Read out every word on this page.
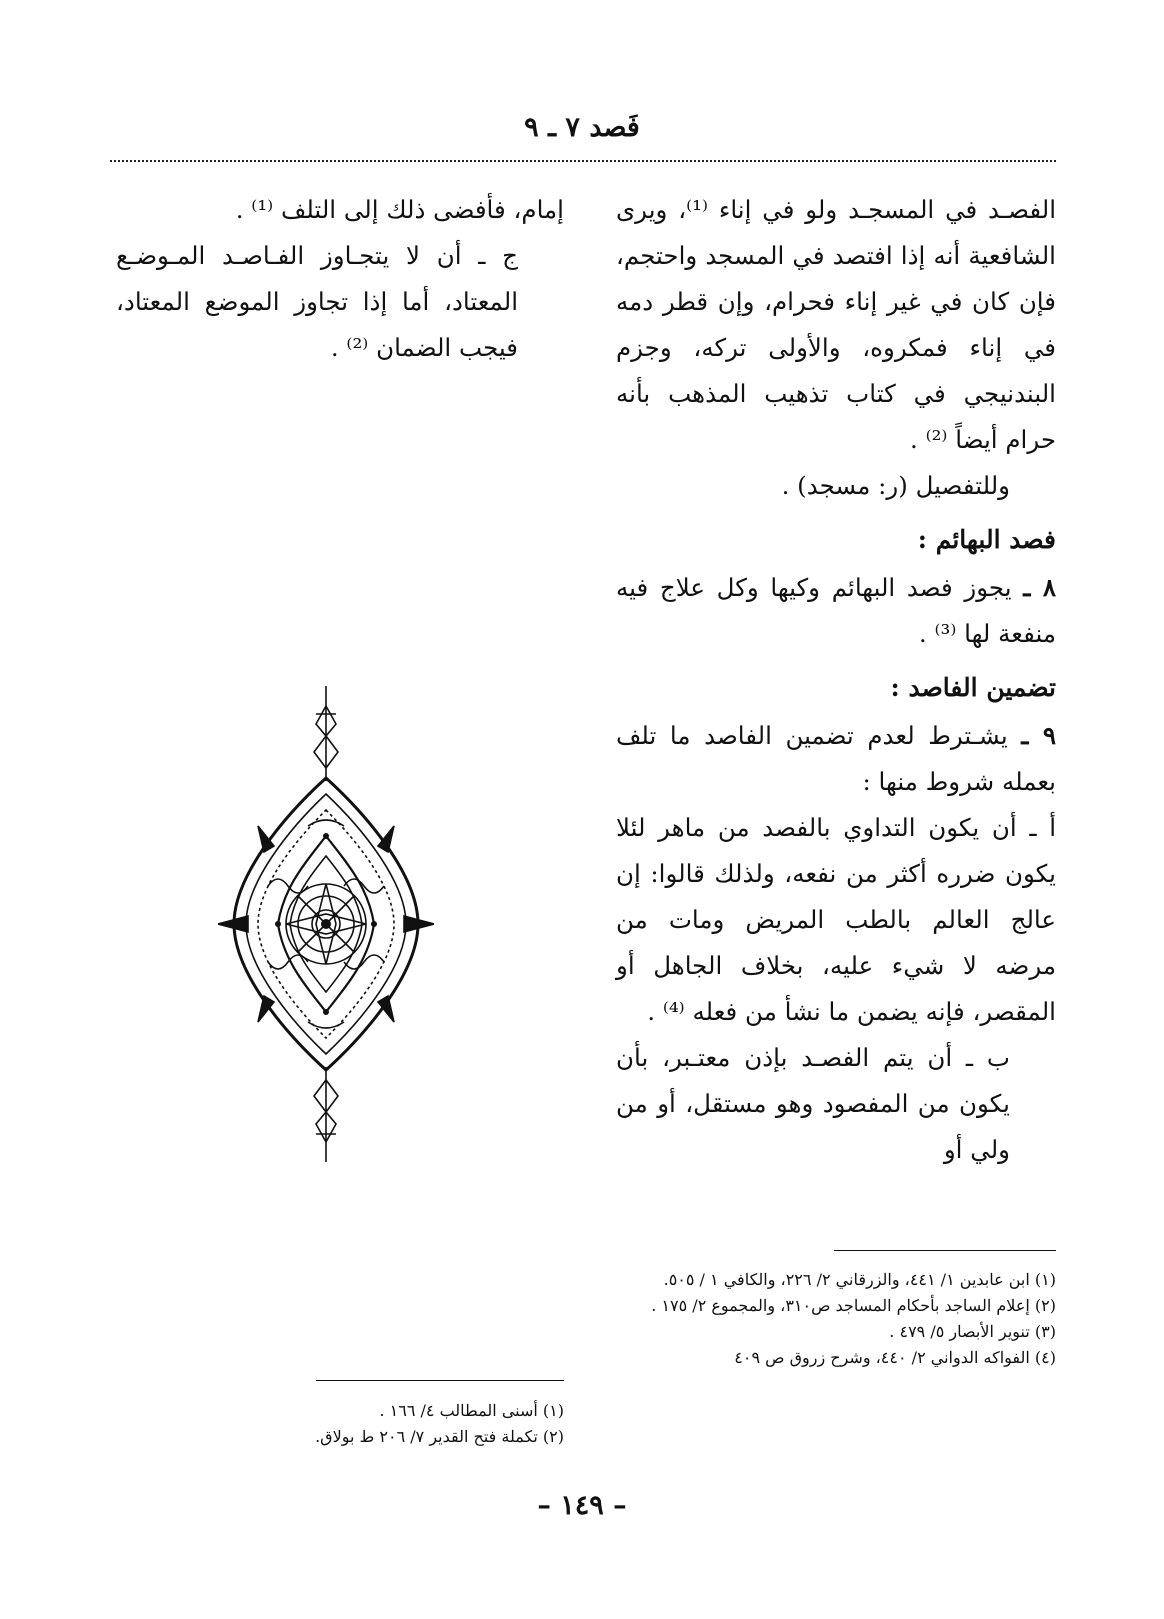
فَصد ٧ ـ ٩

الفصـد في المسجـد ولو في إناء ⁽¹⁾، ويرى الشافعية أنه إذا افتصد في المسجد واحتجم، فإن كان في غير إناء فحرام، وإن قطر دمه في إناء فمكروه، والأولى تركه، وجزم البندنيجي في كتاب تذهيب المذهب بأنه حرام أيضاً ⁽²⁾ .

وللتفصيل (ر: مسجد) .

فصد البهائم :

٨ ـ يجوز فصد البهائم وكيها وكل علاج فيه منفعة لها ⁽³⁾ .

تضمين الفاصد :

٩ ـ يشـترط لعدم تضمين الفاصد ما تلف بعمله شروط منها :

أ ـ أن يكون التداوي بالفصد من ماهر لئلا يكون ضرره أكثر من نفعه، ولذلك قالوا: إن عالج العالم بالطب المريض ومات من مرضه لا شيء عليه، بخلاف الجاهل أو المقصر، فإنه يضمن ما نشأ من فعله ⁽⁴⁾ .

ب ـ أن يتم الفصـد بإذن معتـبر، بأن يكون من المفصود وهو مستقل، أو من ولي أو

إمام، فأفضى ذلك إلى التلف ⁽¹⁾ .

ج ـ أن لا يتجـاوز الفـاصـد المـوضـع المعتاد، أما إذا تجاوز الموضع المعتاد، فيجب الضمان ⁽²⁾ .

(١) ابن عابدين ١/ ٤٤١، والزرقاني ٢/ ٢٢٦، والكافي ١ / ٥٠٥.

(٢) إعلام الساجد بأحكام المساجد ص٣١٠، والمجموع ٢/ ١٧٥ .

(٣) تنوير الأبصار ٥/ ٤٧٩ .

(٤) الفواكه الدواني ٢/ ٤٤٠، وشرح زروق ص ٤٠٩

(١) أسنى المطالب ٤/ ١٦٦ .

(٢) تكملة فتح القدير ٧/ ٢٠٦ ط بولاق.

– ١٤٩ –
